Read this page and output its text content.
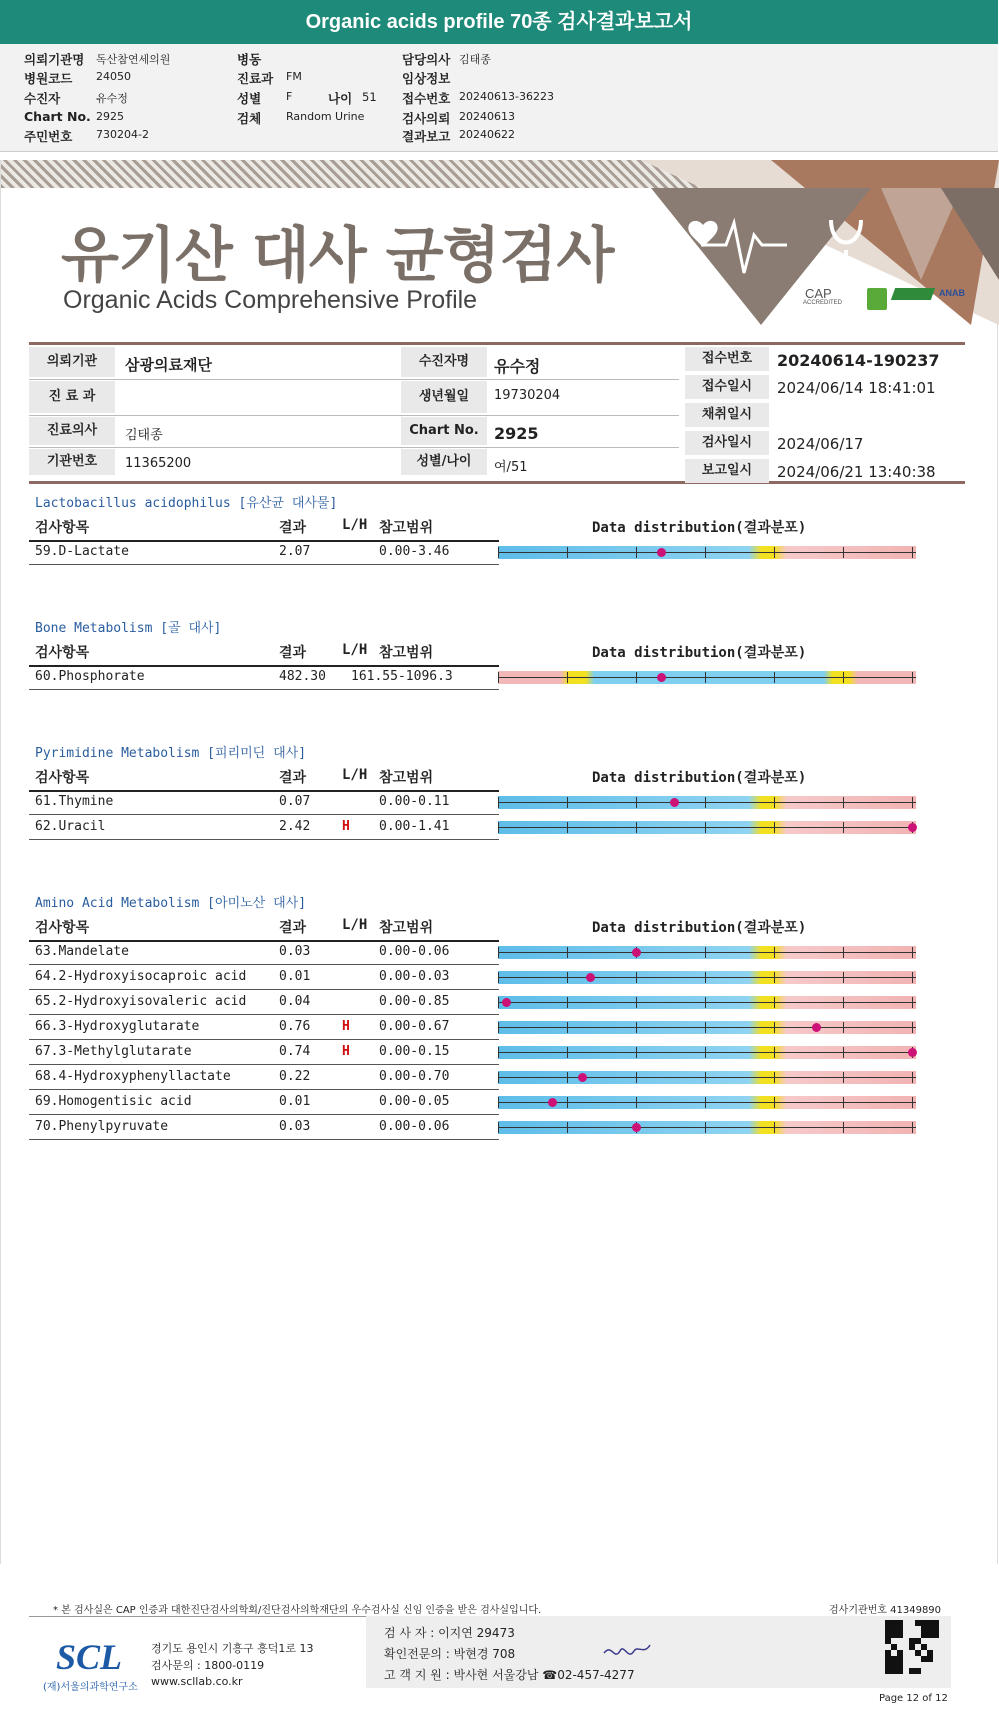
Organic acids profile 70종 검사결과보고서
의뢰기관명 독산참연세의원
병원코드 24050
수진자	유수정
Chart No. 2925
주민번호 730204-2
병동
진료과 FM
성별 F
검체 Random Urine
담당의사 김태종
임상정보
접수번호 20240613-36223
검사의뢰 20240613
결과보고 20240622
나이 51
유기산 대사 균형검사
Organic Acids Comprehensive Profile	CAP
ACCREDITED
ANAB
의뢰기관	삼광의료재단	수진자명	유수정
진 료 과	생년월일	19730204
진료의사	김태종	Chart No. 2925
기관번호	11365200	성별/나이	여/51
접수번호	20240614-190237
접수일시	2024/06/14 18:41:01
채취일시
검사일시	2024/06/17
보고일시	2024/06/21 13:40:38
Lactobacillus acidophilus [유산균 대사물]
검사항목	결과	L/H 참고범위	Data distribution(결과분포)
59.D-Lactate	2.07	0.00-3.46
Bone Metabolism [골 대사]
검사항목	결과	L/H 참고범위	Data distribution(결과분포)
60.Phosphorate	482.30 161.55-1096.3
Pyrimidine Metabolism [피리미딘 대사]
검사항목	결과	L/H 참고범위	Data distribution(결과분포)
61.Thymine	0.07	0.00-0.11
62.Uracil	2.42 H 0.00-1.41
Amino Acid Metabolism [아미노산 대사]
검사항목	결과	L/H 참고범위	Data distribution(결과분포)
63.Mandelate	0.03	0.00-0.06
64.2-Hydroxyisocaproic acid	0.01	0.00-0.03
65.2-Hydroxyisovaleric acid	0.04	0.00-0.85
66.3-Hydroxyglutarate	0.76 H 0.00-0.67
67.3-Methylglutarate	0.74 H 0.00-0.15
68.4-Hydroxyphenyllactate	0.22	0.00-0.70
69.Homogentisic acid	0.01	0.00-0.05
70.Phenylpyruvate	0.03	0.00-0.06
* 본 검사실은 CAP 인증과 대한진단검사의학회/진단검사의학재단의 우수검사실 신임 인증을 받은 검사실입니다.	검사기관번호 41349890
SCL
(재)서울의과학연구소
경기도 용인시 기흥구 흥덕1로 13
검사문의 : 1800-0119
www.scllab.co.kr
검 사 자 : 이지연 29473
확인전문의 : 박현경 708
고 객 지 원 : 박사현 서울강남 ☎02-457-4277
Page 12 of 12
